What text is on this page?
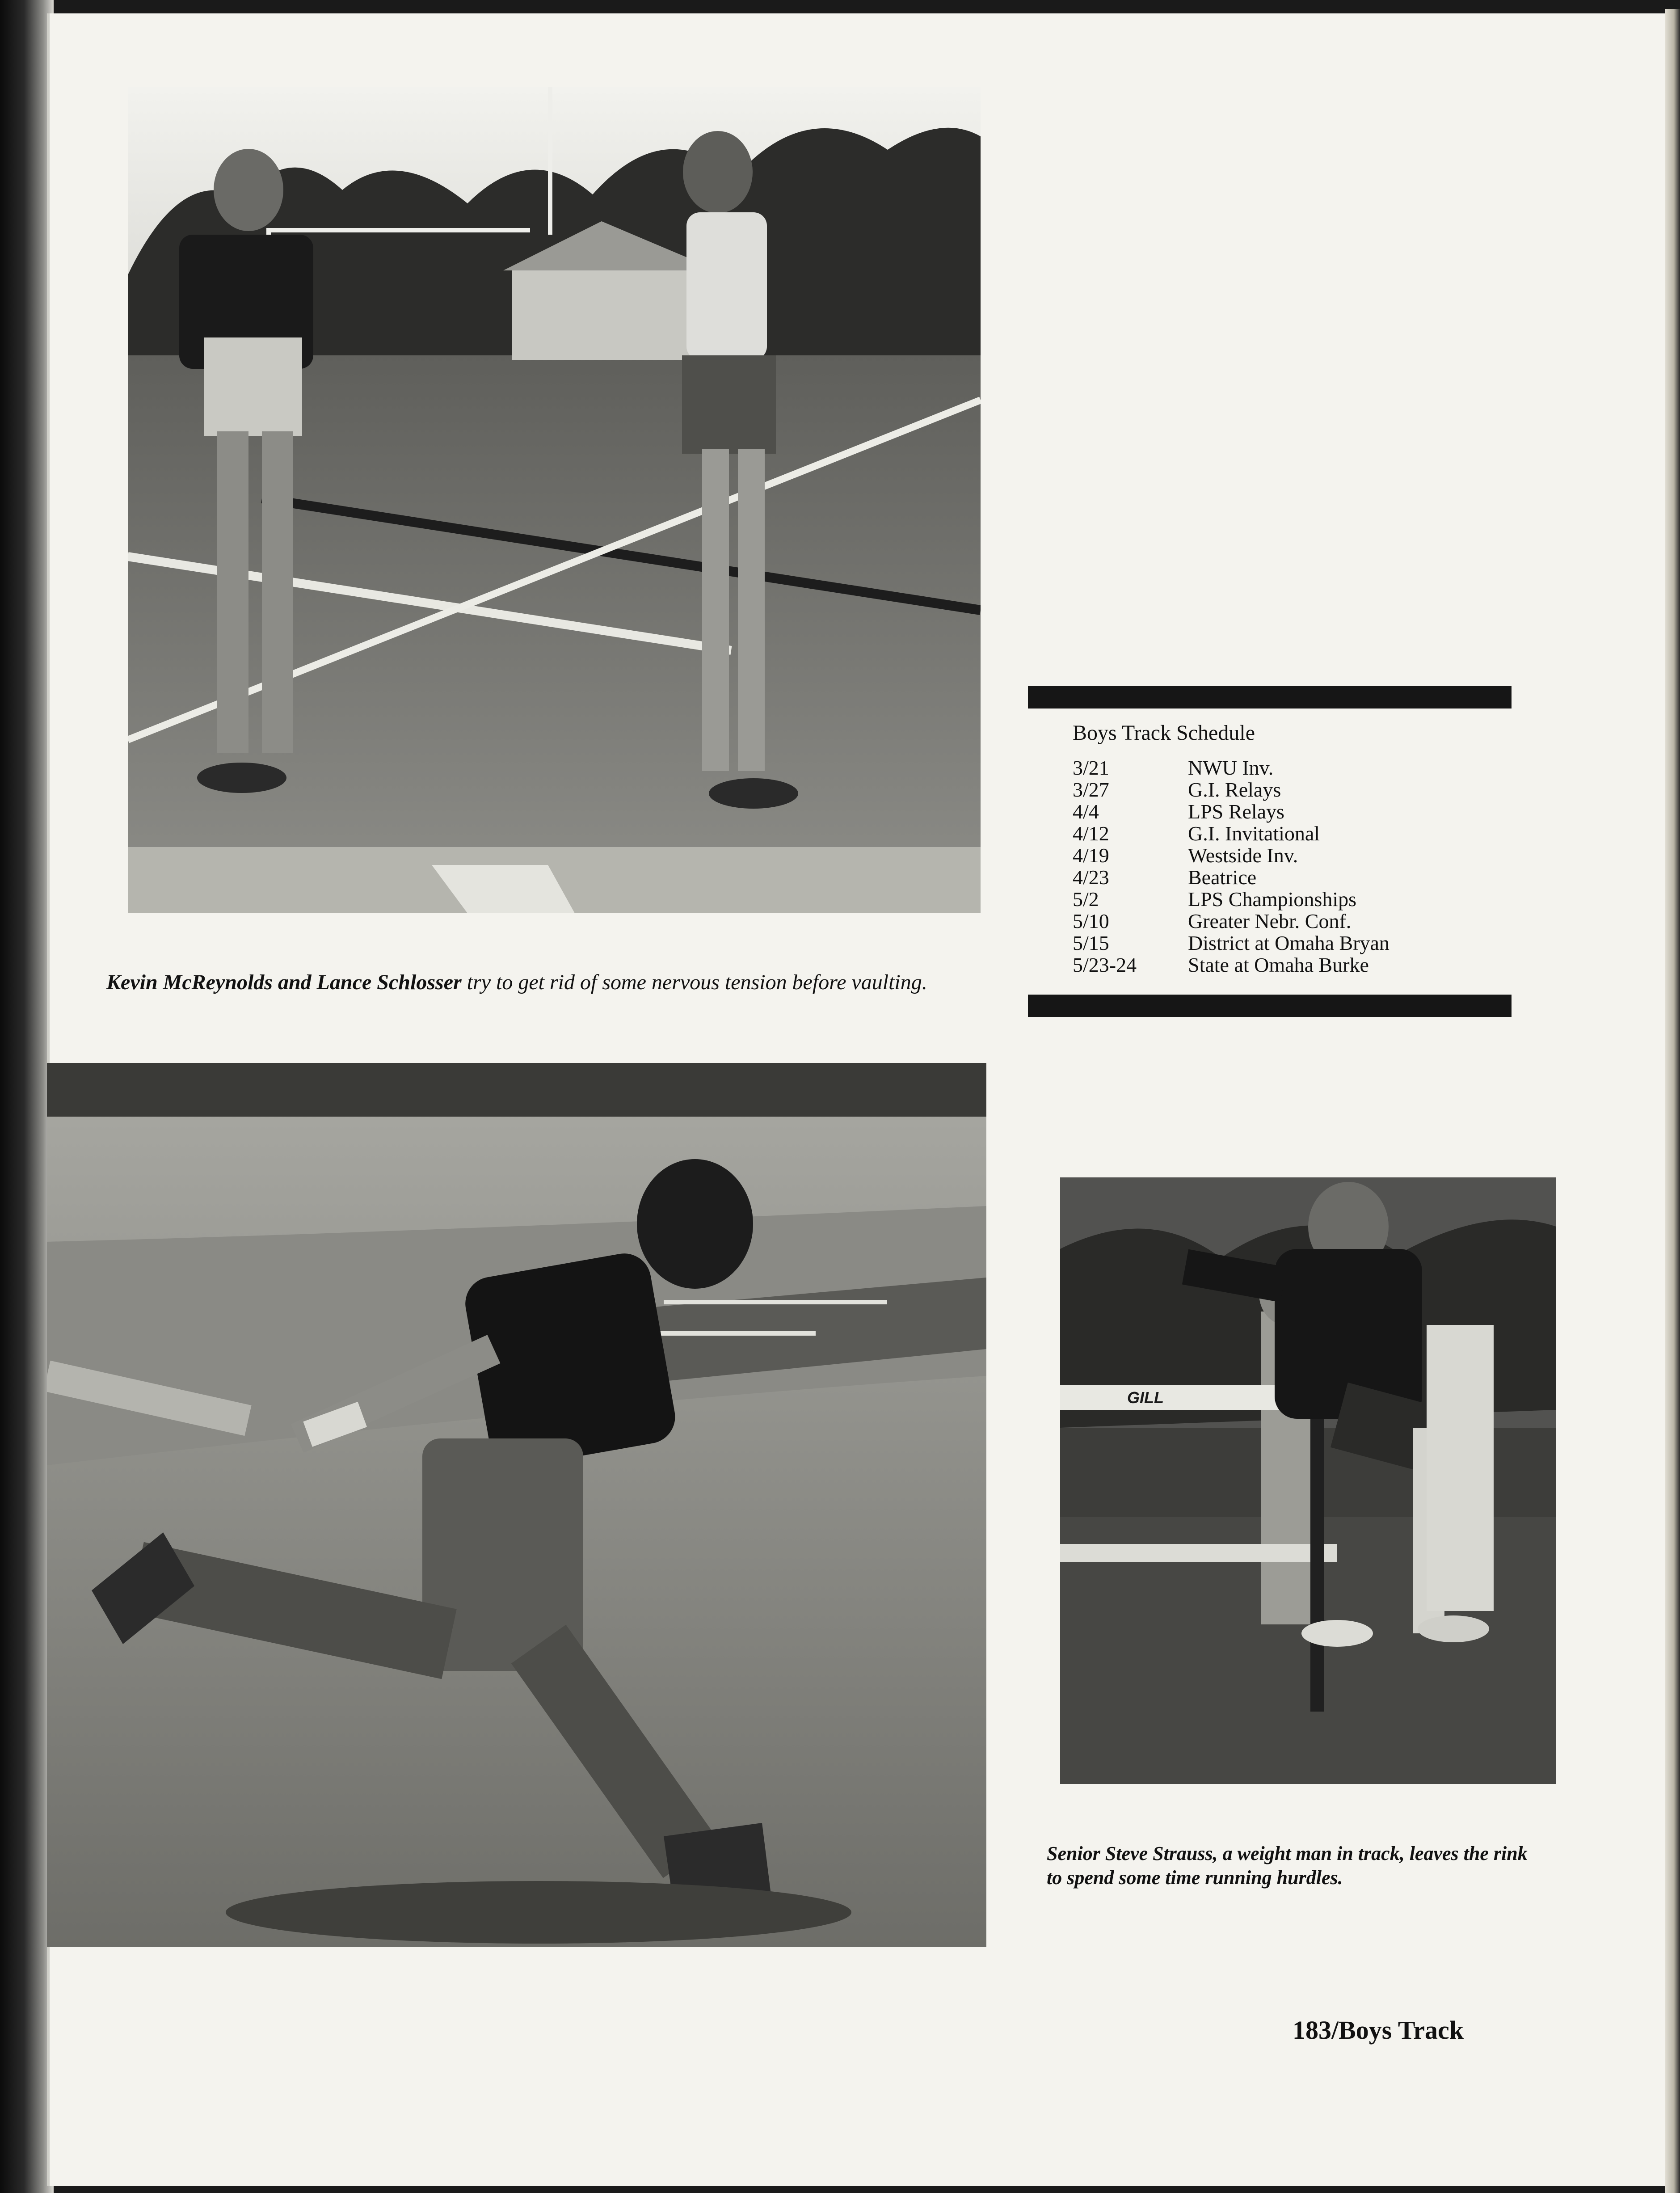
Kevin McReynolds and Lance Schlosser try to get rid of some nervous tension before vaulting.
Boys Track Schedule
3/21	NWU Inv.
3/27	G.I. Relays
4/4	LPS Relays
4/12	G.I. Invitational
4/19	Westside Inv.
4/23	Beatrice
5/2	LPS Championships
5/10	Greater Nebr. Conf.
5/15	District at Omaha Bryan
5/23-24	State at Omaha Burke
GILL
Senior Steve Strauss, a weight man in track, leaves the rink to spend some time running hurdles.
183/Boys Track
